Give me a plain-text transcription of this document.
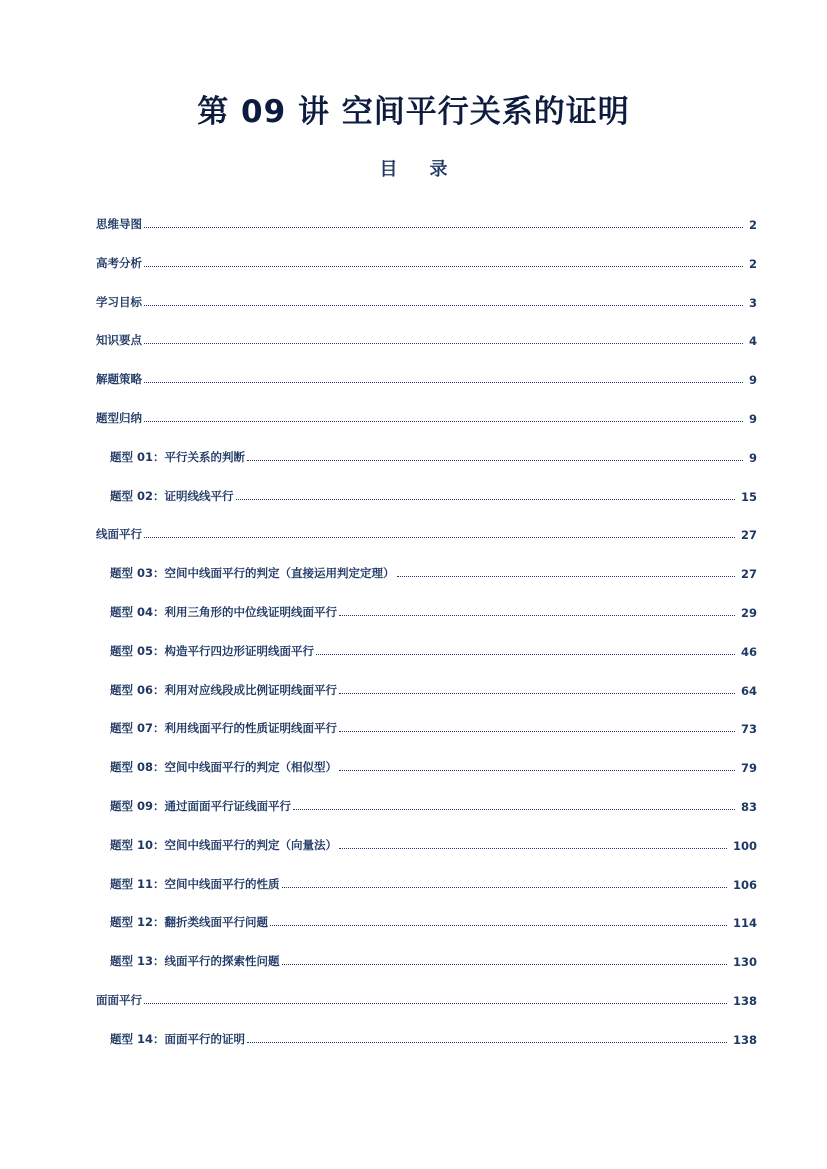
第 09 讲 空间平行关系的证明
目 录
思维导图	2
高考分析	2
学习目标	3
知识要点	4
解题策略	9
题型归纳	9
题型 01：平行关系的判断	9
题型 02：证明线线平行	15
线面平行	27
题型 03：空间中线面平行的判定（直接运用判定定理）	27
题型 04：利用三角形的中位线证明线面平行	29
题型 05：构造平行四边形证明线面平行	46
题型 06：利用对应线段成比例证明线面平行	64
题型 07：利用线面平行的性质证明线面平行	73
题型 08：空间中线面平行的判定（相似型）	79
题型 09：通过面面平行证线面平行	83
题型 10：空间中线面平行的判定（向量法）	100
题型 11：空间中线面平行的性质	106
题型 12：翻折类线面平行问题	114
题型 13：线面平行的探索性问题	130
面面平行	138
题型 14：面面平行的证明	138
